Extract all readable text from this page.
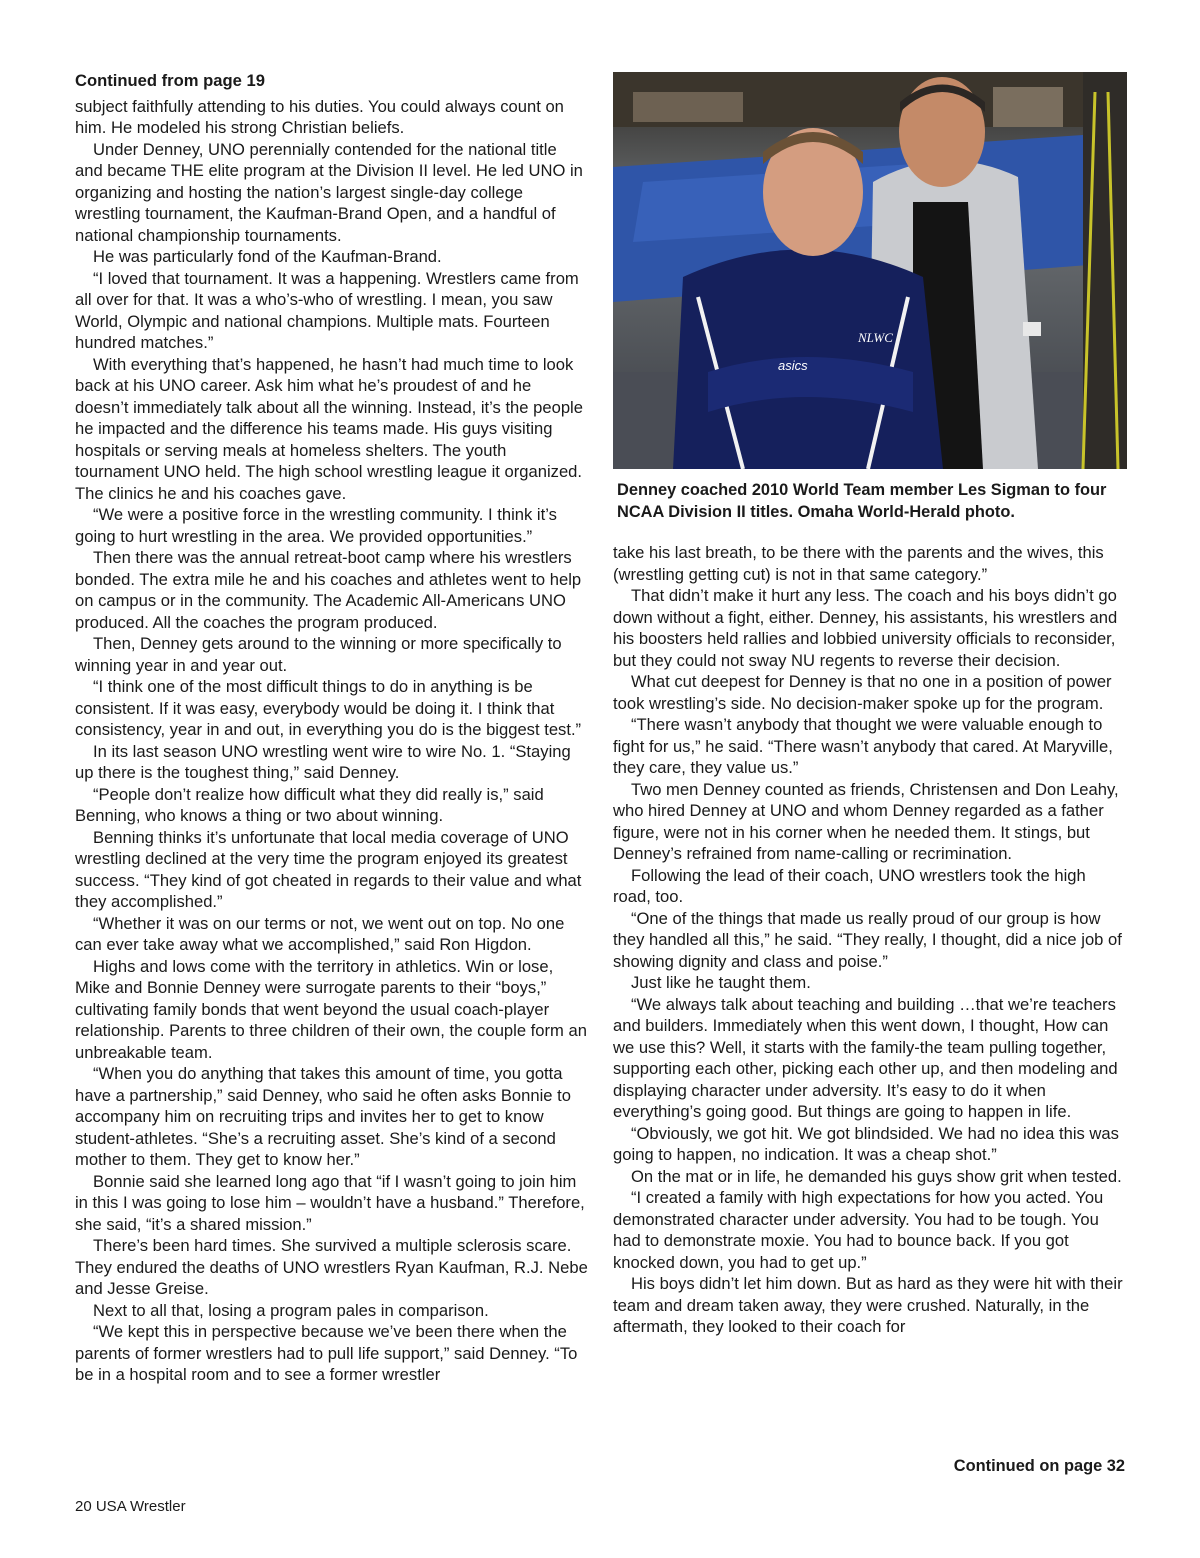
Continued from page 19

subject faithfully attending to his duties. You could always count on him. He modeled his strong Christian beliefs.

Under Denney, UNO perennially contended for the national title and became THE elite program at the Division II level. He led UNO in organizing and hosting the nation’s largest single-day college wrestling tournament, the Kaufman-Brand Open, and a handful of national championship tournaments.

He was particularly fond of the Kaufman-Brand.

“I loved that tournament. It was a happening. Wrestlers came from all over for that. It was a who’s-who of wrestling. I mean, you saw World, Olympic and national champions. Multiple mats. Fourteen hundred matches.”

With everything that’s happened, he hasn’t had much time to look back at his UNO career. Ask him what he’s proudest of and he doesn’t immediately talk about all the winning. Instead, it’s the people he impacted and the difference his teams made. His guys visiting hospitals or serving meals at homeless shelters. The youth tournament UNO held. The high school wrestling league it organized. The clinics he and his coaches gave.

“We were a positive force in the wrestling community. I think it’s going to hurt wrestling in the area. We provided opportunities.”

Then there was the annual retreat-boot camp where his wrestlers bonded. The extra mile he and his coaches and athletes went to help on campus or in the community. The Academic All-Americans UNO produced. All the coaches the program produced.

Then, Denney gets around to the winning or more specifically to winning year in and year out.

“I think one of the most difficult things to do in anything is be consistent. If it was easy, everybody would be doing it. I think that consistency, year in and out, in everything you do is the biggest test.”

In its last season UNO wrestling went wire to wire No. 1. “Staying up there is the toughest thing,” said Denney.

“People don’t realize how difficult what they did really is,” said Benning, who knows a thing or two about winning.

Benning thinks it’s unfortunate that local media coverage of UNO wrestling declined at the very time the program enjoyed its greatest success. “They kind of got cheated in regards to their value and what they accomplished.”

“Whether it was on our terms or not, we went out on top. No one can ever take away what we accomplished,” said Ron Higdon.

Highs and lows come with the territory in athletics. Win or lose, Mike and Bonnie Denney were surrogate parents to their “boys,” cultivating family bonds that went beyond the usual coach-player relationship. Parents to three children of their own, the couple form an unbreakable team.

“When you do anything that takes this amount of time, you gotta have a partnership,” said Denney, who said he often asks Bonnie to accompany him on recruiting trips and invites her to get to know student-athletes. “She’s a recruiting asset. She’s kind of a second mother to them. They get to know her.”

Bonnie said she learned long ago that “if I wasn’t going to join him in this I was going to lose him – wouldn’t have a husband.” Therefore, she said, “it’s a shared mission.”

There’s been hard times. She survived a multiple sclerosis scare. They endured the deaths of UNO wrestlers Ryan Kaufman, R.J. Nebe and Jesse Greise.

Next to all that, losing a program pales in comparison.

“We kept this in perspective because we’ve been there when the parents of former wrestlers had to pull life support,” said Denney. “To be in a hospital room and to see a former wrestler

asics
NLWC
Denney coached 2010 World Team member Les Sigman to four NCAA Division II titles. Omaha World-Herald photo.

take his last breath, to be there with the parents and the wives, this (wrestling getting cut) is not in that same category.”

That didn’t make it hurt any less. The coach and his boys didn’t go down without a fight, either. Denney, his assistants, his wrestlers and his boosters held rallies and lobbied university officials to reconsider, but they could not sway NU regents to reverse their decision.

What cut deepest for Denney is that no one in a position of power took wrestling’s side. No decision-maker spoke up for the program.

“There wasn’t anybody that thought we were valuable enough to fight for us,” he said. “There wasn’t anybody that cared. At Maryville, they care, they value us.”

Two men Denney counted as friends, Christensen and Don Leahy, who hired Denney at UNO and whom Denney regarded as a father figure, were not in his corner when he needed them. It stings, but Denney’s refrained from name-calling or recrimination.

Following the lead of their coach, UNO wrestlers took the high road, too.

“One of the things that made us really proud of our group is how they handled all this,” he said. “They really, I thought, did a nice job of showing dignity and class and poise.”

Just like he taught them.

“We always talk about teaching and building …that we’re teachers and builders. Immediately when this went down, I thought, How can we use this? Well, it starts with the family-the team pulling together, supporting each other, picking each other up, and then modeling and displaying character under adversity. It’s easy to do it when everything’s going good. But things are going to happen in life.

“Obviously, we got hit. We got blindsided. We had no idea this was going to happen, no indication. It was a cheap shot.”

On the mat or in life, he demanded his guys show grit when tested.

“I created a family with high expectations for how you acted. You demonstrated character under adversity. You had to be tough. You had to demonstrate moxie. You had to bounce back. If you got knocked down, you had to get up.”

His boys didn’t let him down. But as hard as they were hit with their team and dream taken away, they were crushed. Naturally, in the aftermath, they looked to their coach for

Continued on page 32
20 USA Wrestler
